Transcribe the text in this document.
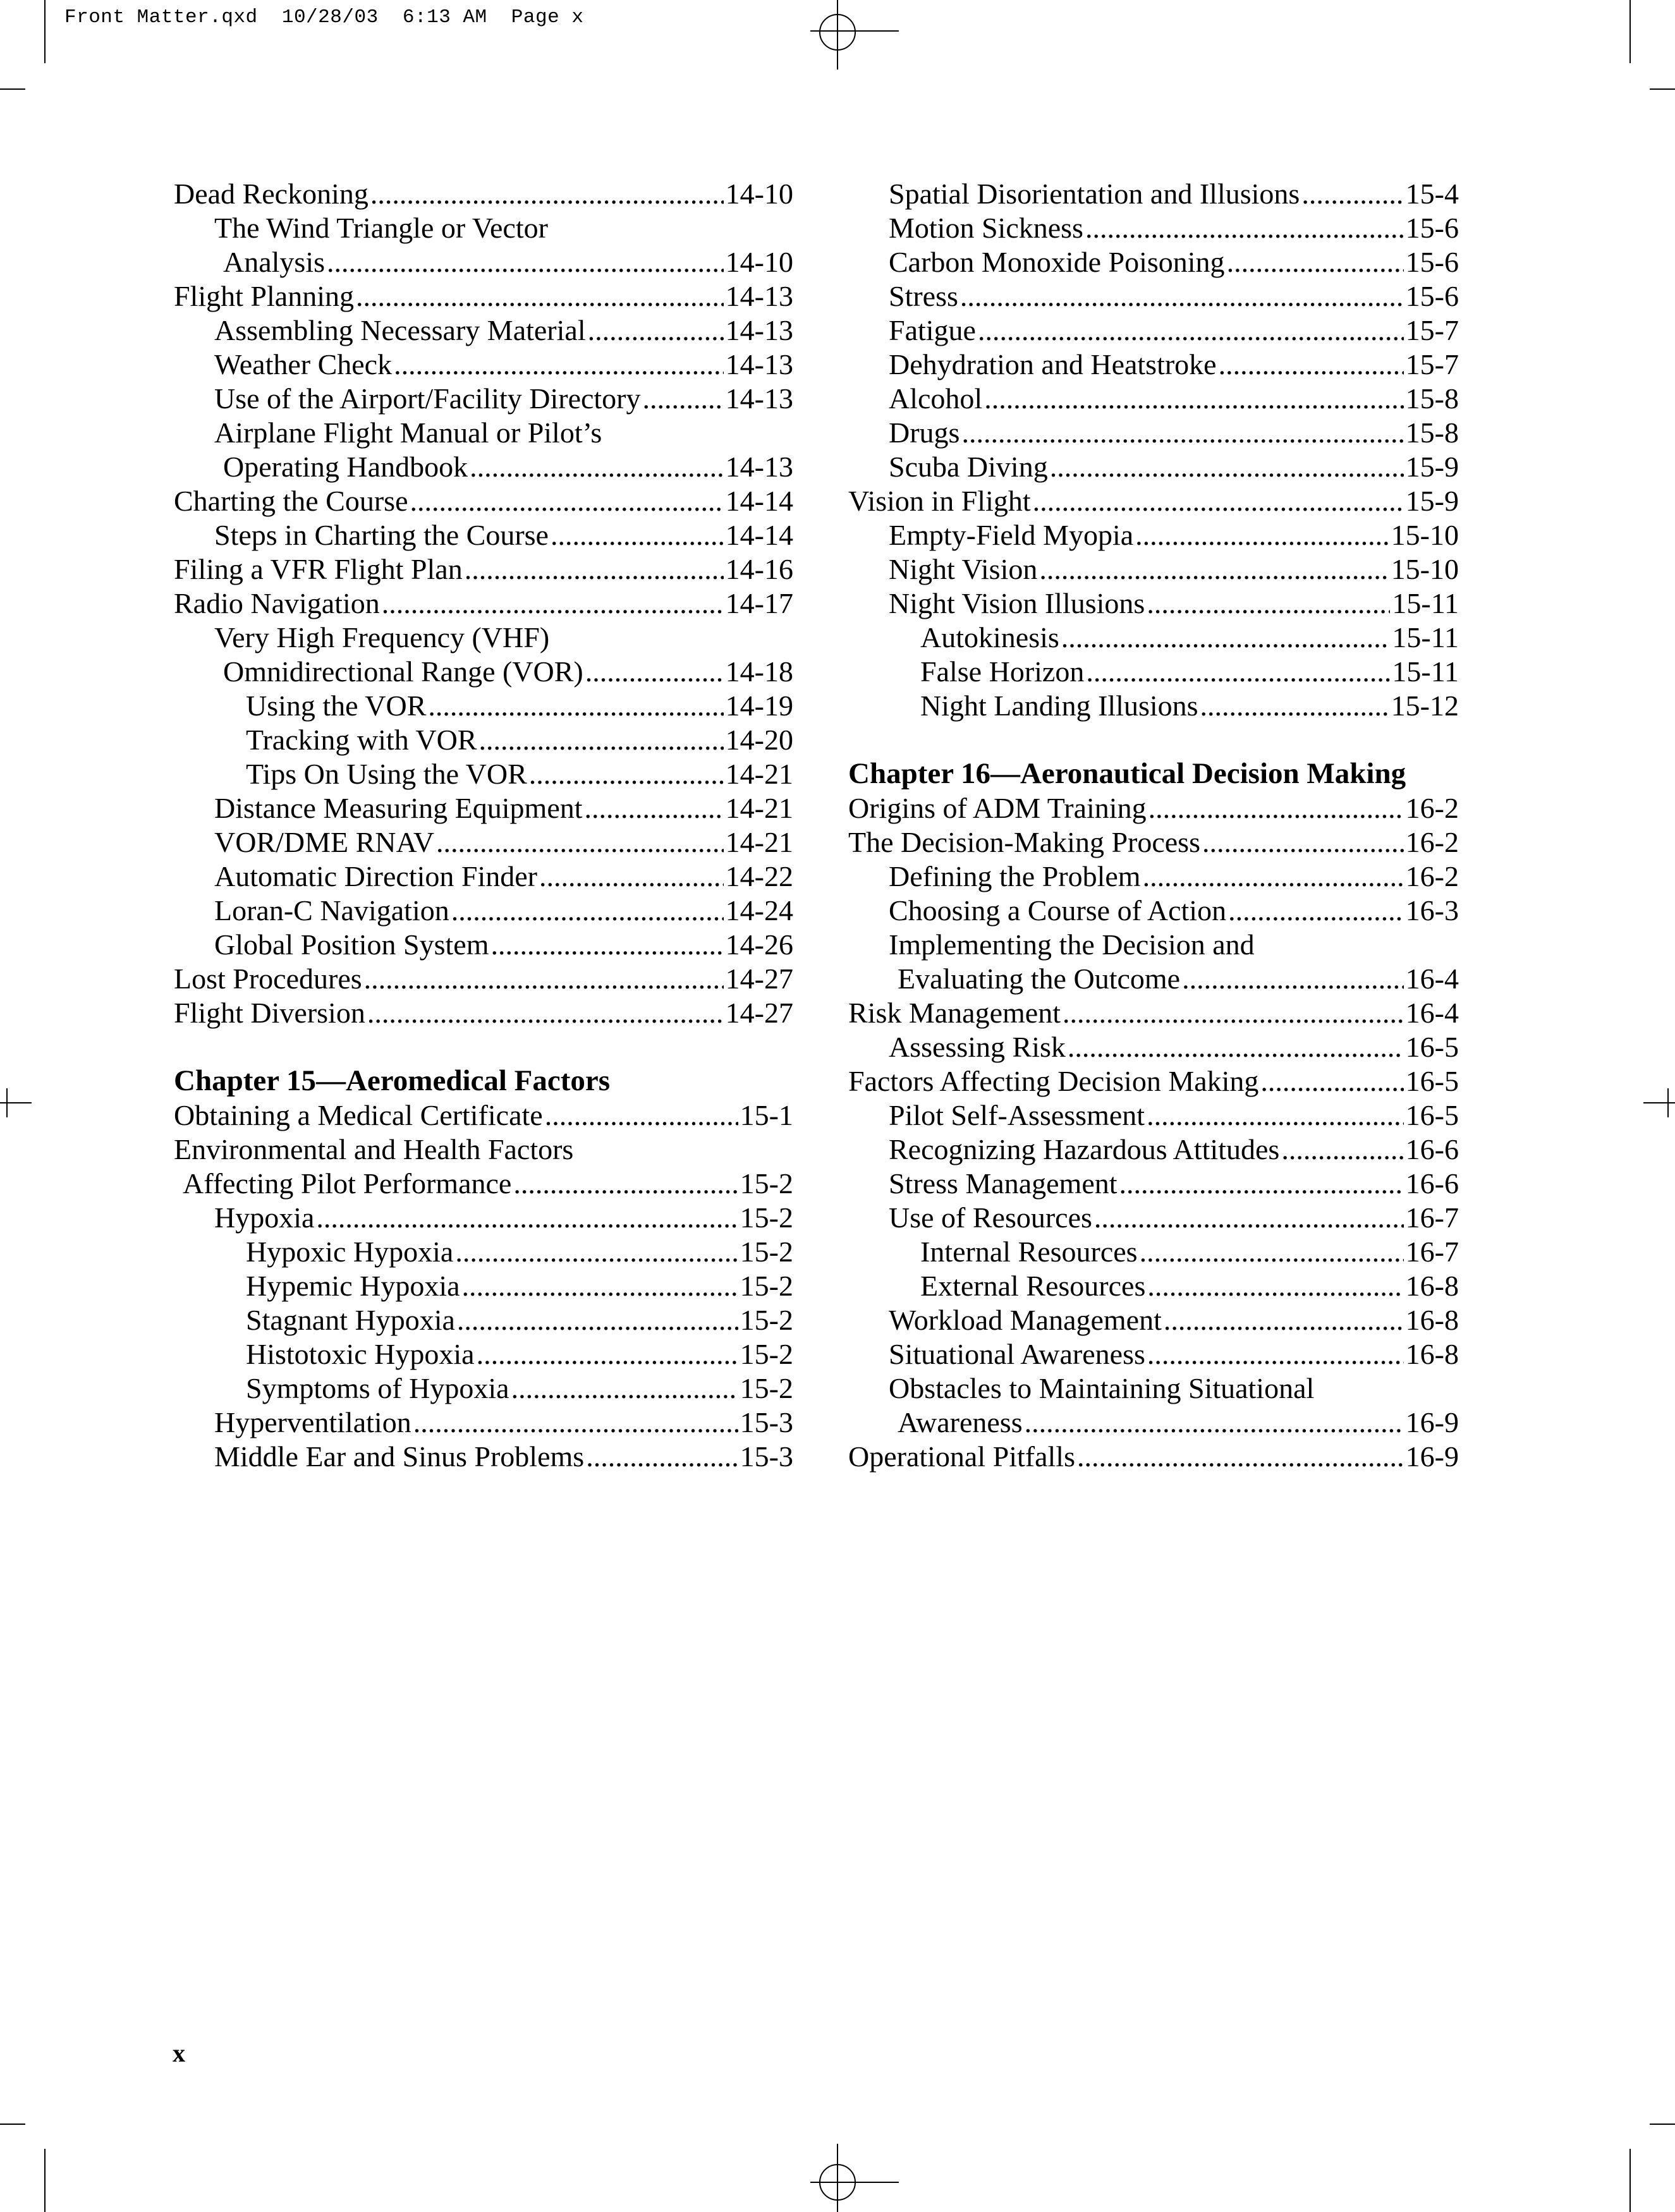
Front Matter.qxd  10/28/03  6:13 AM  Page x
Dead Reckoning .....	14-10
The Wind Triangle or Vector
Analysis .....	14-10
Flight Planning .....	14-13
Assembling Necessary Material .....	14-13
Weather Check .....	14-13
Use of the Airport/Facility Directory .....	14-13
Airplane Flight Manual or Pilot’s
Operating Handbook .....	14-13
Charting the Course .....	14-14
Steps in Charting the Course .....	14-14
Filing a VFR Flight Plan .....	14-16
Radio Navigation .....	14-17
Very High Frequency (VHF)
Omnidirectional Range (VOR) .....	14-18
Using the VOR .....	14-19
Tracking with VOR .....	14-20
Tips On Using the VOR .....	14-21
Distance Measuring Equipment .....	14-21
VOR/DME RNAV .....	14-21
Automatic Direction Finder .....	14-22
Loran-C Navigation .....	14-24
Global Position System .....	14-26
Lost Procedures .....	14-27
Flight Diversion .....	14-27
Chapter 15—Aeromedical Factors
Obtaining a Medical Certificate .....	15-1
Environmental and Health Factors
Affecting Pilot Performance .....	15-2
Hypoxia .....	15-2
Hypoxic Hypoxia .....	15-2
Hypemic Hypoxia .....	15-2
Stagnant Hypoxia .....	15-2
Histotoxic Hypoxia .....	15-2
Symptoms of Hypoxia .....	15-2
Hyperventilation .....	15-3
Middle Ear and Sinus Problems .....	15-3
Spatial Disorientation and Illusions .....	15-4
Motion Sickness .....	15-6
Carbon Monoxide Poisoning .....	15-6
Stress .....	15-6
Fatigue .....	15-7
Dehydration and Heatstroke .....	15-7
Alcohol .....	15-8
Drugs .....	15-8
Scuba Diving .....	15-9
Vision in Flight .....	15-9
Empty-Field Myopia .....	15-10
Night Vision .....	15-10
Night Vision Illusions .....	15-11
Autokinesis .....	15-11
False Horizon .....	15-11
Night Landing Illusions .....	15-12
Chapter 16—Aeronautical Decision Making
Origins of ADM Training .....	16-2
The Decision-Making Process .....	16-2
Defining the Problem .....	16-2
Choosing a Course of Action .....	16-3
Implementing the Decision and
Evaluating the Outcome .....	16-4
Risk Management .....	16-4
Assessing Risk .....	16-5
Factors Affecting Decision Making .....	16-5
Pilot Self-Assessment .....	16-5
Recognizing Hazardous Attitudes .....	16-6
Stress Management .....	16-6
Use of Resources .....	16-7
Internal Resources .....	16-7
External Resources .....	16-8
Workload Management .....	16-8
Situational Awareness .....	16-8
Obstacles to Maintaining Situational
Awareness .....	16-9
Operational Pitfalls .....	16-9
x
